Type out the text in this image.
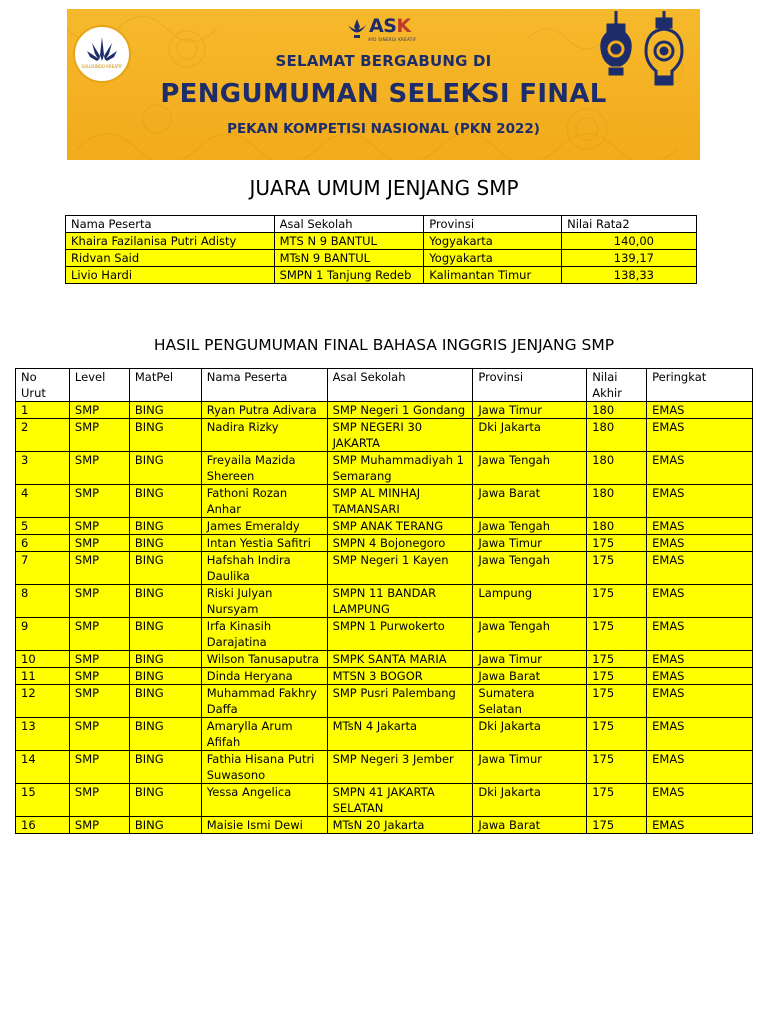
SOLUSINDO KREATIF
ASK
AYO SINERGI KREATIF
SELAMAT BERGABUNG DI
PENGUMUMAN SELEKSI FINAL
PEKAN KOMPETISI NASIONAL (PKN 2022)
JUARA UMUM JENJANG SMP
Nama Peserta	Asal Sekolah	Provinsi	Nilai Rata2
Khaira Fazilanisa Putri Adisty	MTS N 9 BANTUL	Yogyakarta	140,00
Ridvan Said	MTsN 9 BANTUL	Yogyakarta	139,17
Livio Hardi	SMPN 1 Tanjung Redeb	Kalimantan Timur	138,33
HASIL PENGUMUMAN FINAL BAHASA INGGRIS JENJANG SMP
No Urut	Level	MatPel	Nama Peserta	Asal Sekolah	Provinsi	Nilai Akhir	Peringkat
1	SMP	BING	Ryan Putra Adivara	SMP Negeri 1 Gondang	Jawa Timur	180	EMAS
2	SMP	BING	Nadira Rizky	SMP NEGERI 30 JAKARTA	Dki Jakarta	180	EMAS
3	SMP	BING	Freyaila Mazida Shereen	SMP Muhammadiyah 1 Semarang	Jawa Tengah	180	EMAS
4	SMP	BING	Fathoni Rozan Anhar	SMP AL MINHAJ TAMANSARI	Jawa Barat	180	EMAS
5	SMP	BING	James Emeraldy	SMP ANAK TERANG	Jawa Tengah	180	EMAS
6	SMP	BING	Intan Yestia Safitri	SMPN 4 Bojonegoro	Jawa Timur	175	EMAS
7	SMP	BING	Hafshah Indira Daulika	SMP Negeri 1 Kayen	Jawa Tengah	175	EMAS
8	SMP	BING	Riski Julyan Nursyam	SMPN 11 BANDAR LAMPUNG	Lampung	175	EMAS
9	SMP	BING	Irfa Kinasih Darajatina	SMPN 1 Purwokerto	Jawa Tengah	175	EMAS
10	SMP	BING	Wilson Tanusaputra	SMPK SANTA MARIA	Jawa Timur	175	EMAS
11	SMP	BING	Dinda Heryana	MTSN 3 BOGOR	Jawa Barat	175	EMAS
12	SMP	BING	Muhammad Fakhry Daffa	SMP Pusri Palembang	Sumatera Selatan	175	EMAS
13	SMP	BING	Amarylla Arum Afifah	MTsN 4 Jakarta	Dki Jakarta	175	EMAS
14	SMP	BING	Fathia Hisana Putri Suwasono	SMP Negeri 3 Jember	Jawa Timur	175	EMAS
15	SMP	BING	Yessa Angelica	SMPN 41 JAKARTA SELATAN	Dki Jakarta	175	EMAS
16	SMP	BING	Maisie Ismi Dewi	MTsN 20 Jakarta	Jawa Barat	175	EMAS
